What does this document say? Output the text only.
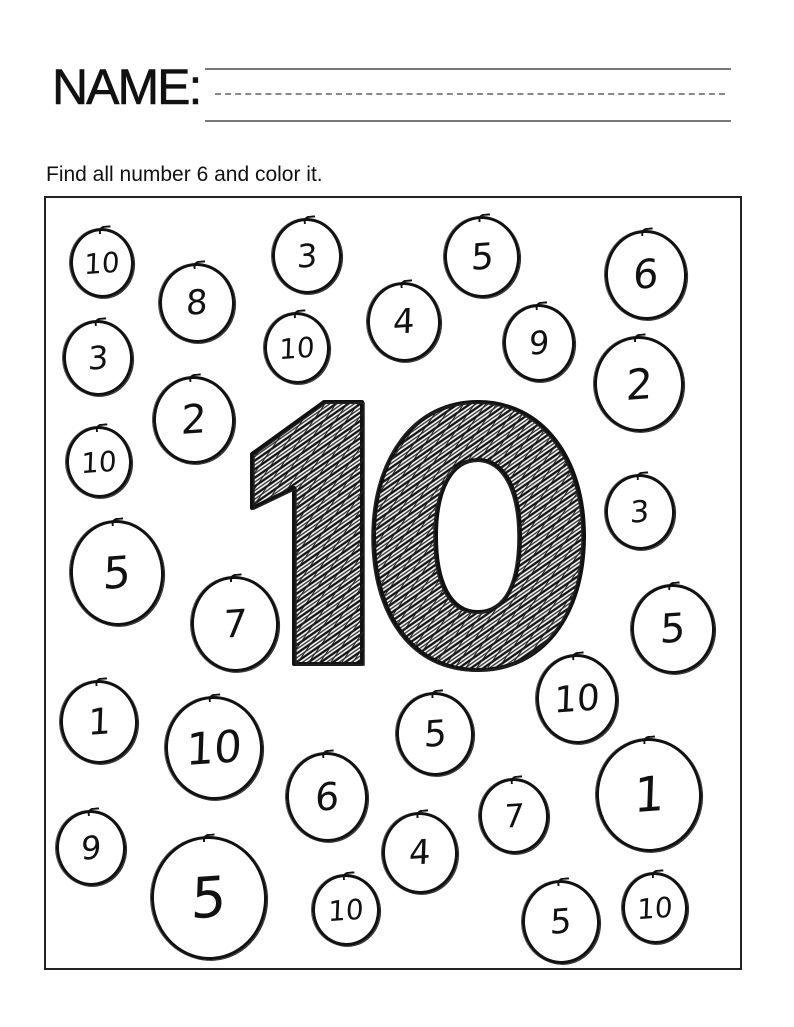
NAME:
Find all number 6 and color it.
10
8
3	5	6
3	10
4
9
2
2
10
3
5
7	5
1 10
10
5
1
6	7
9	4
5	10	5 10
